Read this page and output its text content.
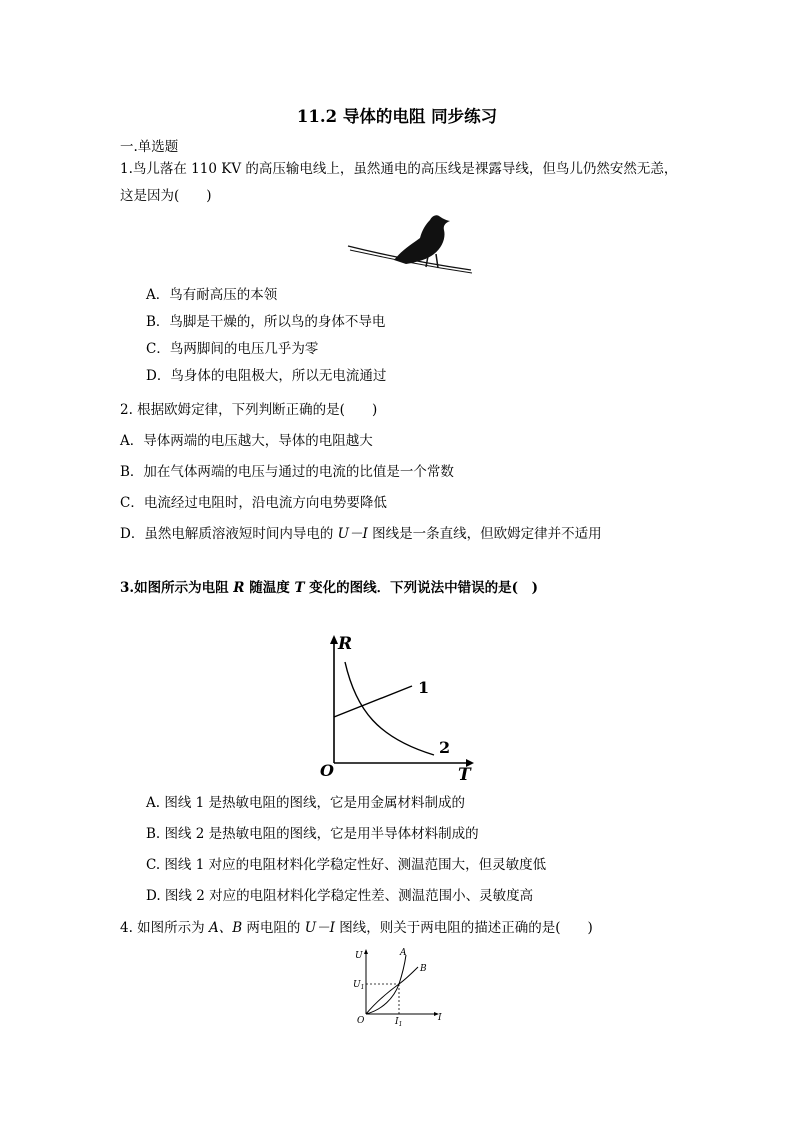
11.2 导体的电阻 同步练习
一.单选题
1.鸟儿落在 110 KV 的高压输电线上，虽然通电的高压线是裸露导线，但鸟儿仍然安然无恙，
这是因为(　　)
A．鸟有耐高压的本领
B．鸟脚是干燥的，所以鸟的身体不导电
C．鸟两脚间的电压几乎为零
D．鸟身体的电阻极大，所以无电流通过
2. 根据欧姆定律，下列判断正确的是(　　)
A．导体两端的电压越大，导体的电阻越大
B．加在气体两端的电压与通过的电流的比值是一个常数
C．电流经过电阻时，沿电流方向电势要降低
D．虽然电解质溶液短时间内导电的 U－I 图线是一条直线，但欧姆定律并不适用
3.如图所示为电阻 R 随温度 T 变化的图线．下列说法中错误的是(　)
R
T
O
1
2
A. 图线 1 是热敏电阻的图线，它是用金属材料制成的
B. 图线 2 是热敏电阻的图线，它是用半导体材料制成的
C. 图线 1 对应的电阻材料化学稳定性好、测温范围大，但灵敏度低
D. 图线 2 对应的电阻材料化学稳定性差、测温范围小、灵敏度高
4. 如图所示为 A、B 两电阻的 U－I 图线，则关于两电阻的描述正确的是(　　)
U
I
O
A
B
$U_1$
$I_1$
